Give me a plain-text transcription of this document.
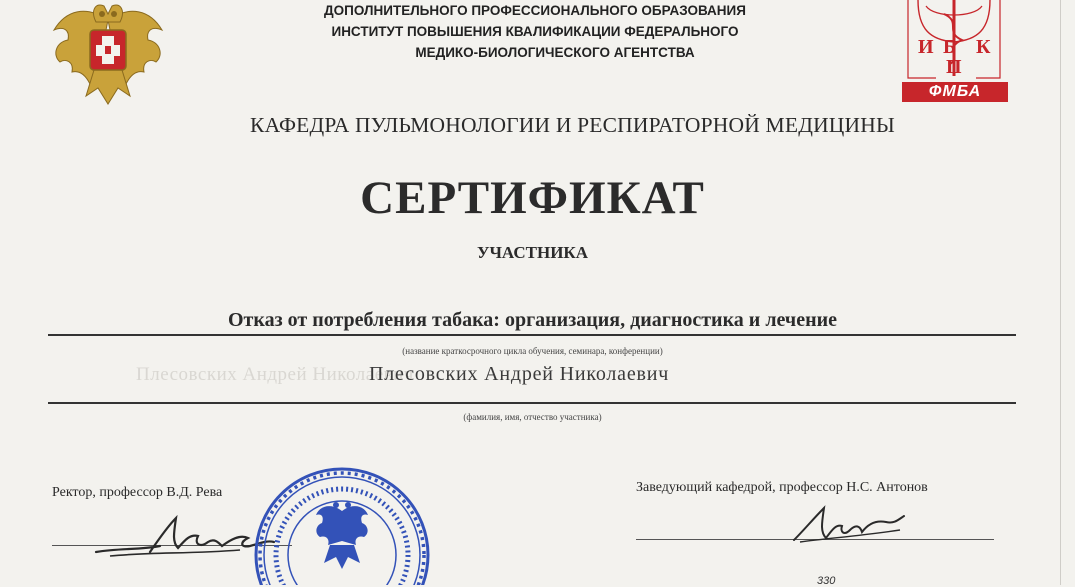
ДОПОЛНИТЕЛЬНОГО ПРОФЕССИОНАЛЬНОГО ОБРАЗОВАНИЯ
ИНСТИТУТ ПОВЫШЕНИЯ КВАЛИФИКАЦИИ ФЕДЕРАЛЬНОГО
МЕДИКО-БИОЛОГИЧЕСКОГО АГЕНТСТВА	И Б К
П
ФМБА
КАФЕДРА ПУЛЬМОНОЛОГИИ И РЕСПИРАТОРНОЙ МЕДИЦИНЫ
СЕРТИФИКАТ
УЧАСТНИКА
Отказ от потребления табака: организация, диагностика и лечение
(название краткосрочного цикла обучения, семинара, конференции)
Плесовских Андрей Николаевич
Плесовских Андрей Николаевич
(фамилия, имя, отчество участника)
Ректор, профессор В.Д. Рева	Заведующий кафедрой, профессор Н.С. Антонов
330
